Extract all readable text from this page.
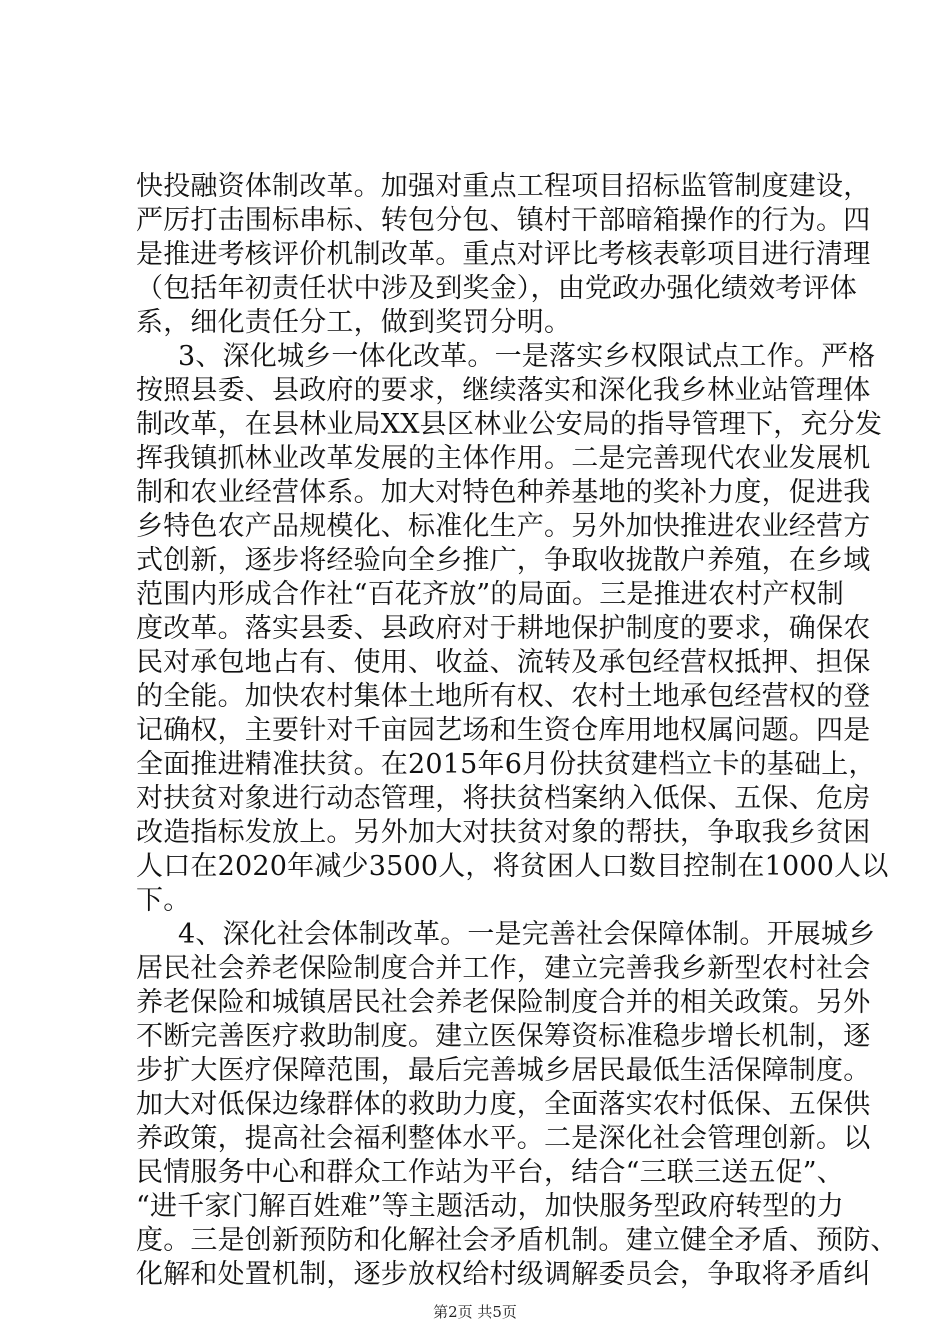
快投融资体制改革。加强对重点工程项目招标监管制度建设，
严厉打击围标串标、转包分包、镇村干部暗箱操作的行为。四
是推进考核评价机制改革。重点对评比考核表彰项目进行清理
（包括年初责任状中涉及到奖金），由党政办强化绩效考评体
系，细化责任分工，做到奖罚分明。
3、深化城乡一体化改革。一是落实乡权限试点工作。严格
按照县委、县政府的要求，继续落实和深化我乡林业站管理体
制改革，在县林业局XX县区林业公安局的指导管理下，充分发
挥我镇抓林业改革发展的主体作用。二是完善现代农业发展机
制和农业经营体系。加大对特色种养基地的奖补力度，促进我
乡特色农产品规模化、标准化生产。另外加快推进农业经营方
式创新，逐步将经验向全乡推广，争取收拢散户养殖，在乡域
范围内形成合作社“百花齐放”的局面。三是推进农村产权制
度改革。落实县委、县政府对于耕地保护制度的要求，确保农
民对承包地占有、使用、收益、流转及承包经营权抵押、担保
的全能。加快农村集体土地所有权、农村土地承包经营权的登
记确权，主要针对千亩园艺场和生资仓库用地权属问题。四是
全面推进精准扶贫。在2015年6月份扶贫建档立卡的基础上，
对扶贫对象进行动态管理，将扶贫档案纳入低保、五保、危房
改造指标发放上。另外加大对扶贫对象的帮扶，争取我乡贫困
人口在2020年减少3500人，将贫困人口数目控制在1000人以
下。
4、深化社会体制改革。一是完善社会保障体制。开展城乡
居民社会养老保险制度合并工作，建立完善我乡新型农村社会
养老保险和城镇居民社会养老保险制度合并的相关政策。另外
不断完善医疗救助制度。建立医保筹资标准稳步增长机制，逐
步扩大医疗保障范围，最后完善城乡居民最低生活保障制度。
加大对低保边缘群体的救助力度，全面落实农村低保、五保供
养政策，提高社会福利整体水平。二是深化社会管理创新。以
民情服务中心和群众工作站为平台，结合“三联三送五促”、
“进千家门解百姓难”等主题活动，加快服务型政府转型的力
度。三是创新预防和化解社会矛盾机制。建立健全矛盾、预防、
化解和处置机制，逐步放权给村级调解委员会，争取将矛盾纠
第2页 共5页
